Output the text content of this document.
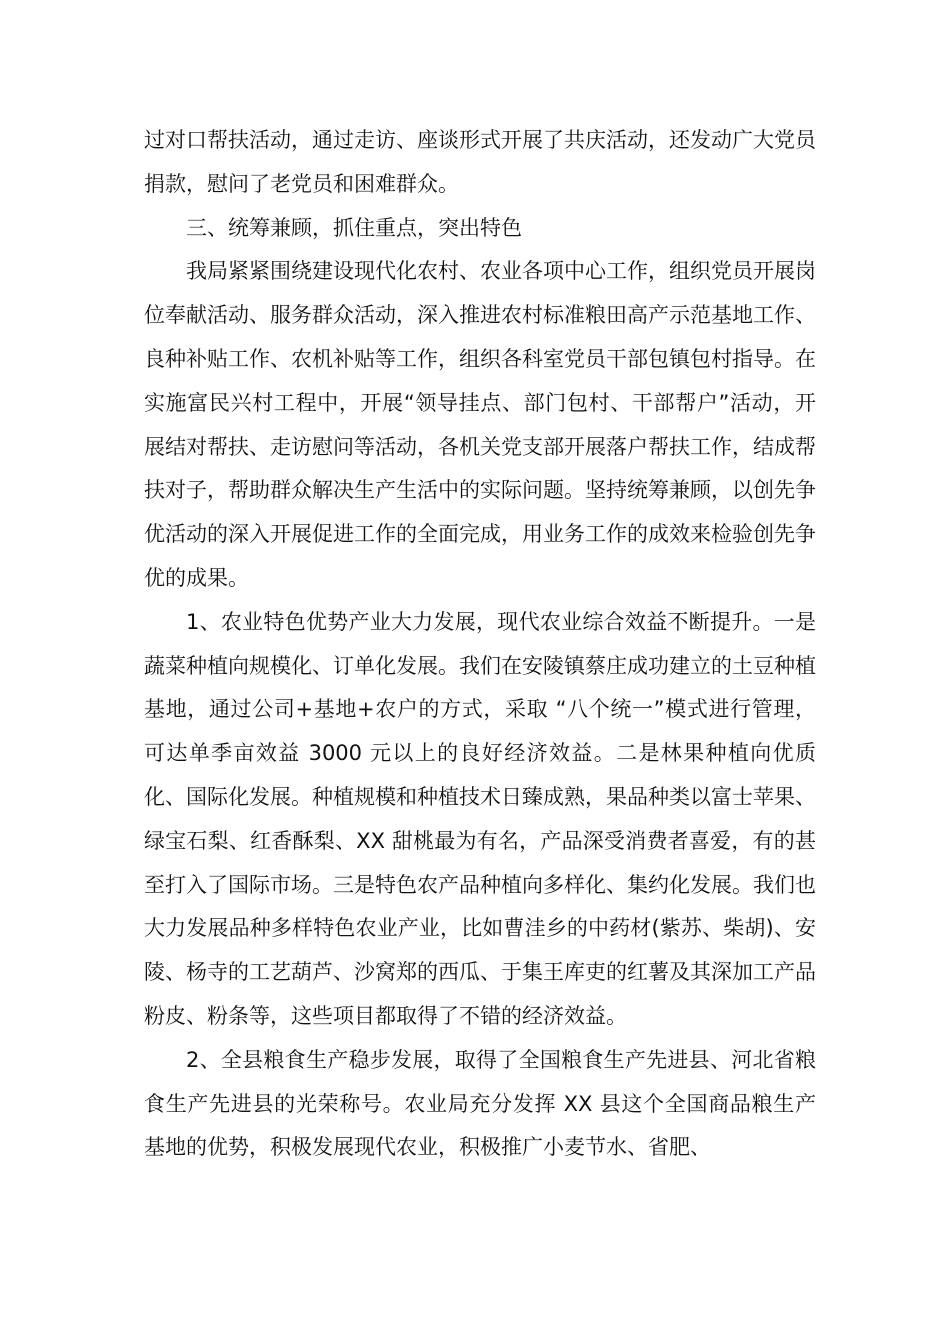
过对口帮扶活动，通过走访、座谈形式开展了共庆活动，还发动广大党员捐款，慰问了老党员和困难群众。

三、统筹兼顾，抓住重点，突出特色

我局紧紧围绕建设现代化农村、农业各项中心工作，组织党员开展岗位奉献活动、服务群众活动，深入推进农村标准粮田高产示范基地工作、良种补贴工作、农机补贴等工作，组织各科室党员干部包镇包村指导。在实施富民兴村工程中，开展“领导挂点、部门包村、干部帮户”活动，开展结对帮扶、走访慰问等活动，各机关党支部开展落户帮扶工作，结成帮扶对子，帮助群众解决生产生活中的实际问题。坚持统筹兼顾，以创先争优活动的深入开展促进工作的全面完成，用业务工作的成效来检验创先争优的成果。

1、农业特色优势产业大力发展，现代农业综合效益不断提升。一是蔬菜种植向规模化、订单化发展。我们在安陵镇蔡庄成功建立的土豆种植基地，通过公司+基地+农户的方式，采取 “八个统一”模式进行管理，可达单季亩效益 3000 元以上的良好经济效益。二是林果种植向优质化、国际化发展。种植规模和种植技术日臻成熟，果品种类以富士苹果、绿宝石梨、红香酥梨、XX 甜桃最为有名，产品深受消费者喜爱，有的甚至打入了国际市场。三是特色农产品种植向多样化、集约化发展。我们也大力发展品种多样特色农业产业，比如曹洼乡的中药材(紫苏、柴胡)、安陵、杨寺的工艺葫芦、沙窝郑的西瓜、于集王库吏的红薯及其深加工产品粉皮、粉条等，这些项目都取得了不错的经济效益。

2、全县粮食生产稳步发展，取得了全国粮食生产先进县、河北省粮食生产先进县的光荣称号。农业局充分发挥 XX 县这个全国商品粮生产基地的优势，积极发展现代农业，积极推广小麦节水、省肥、
